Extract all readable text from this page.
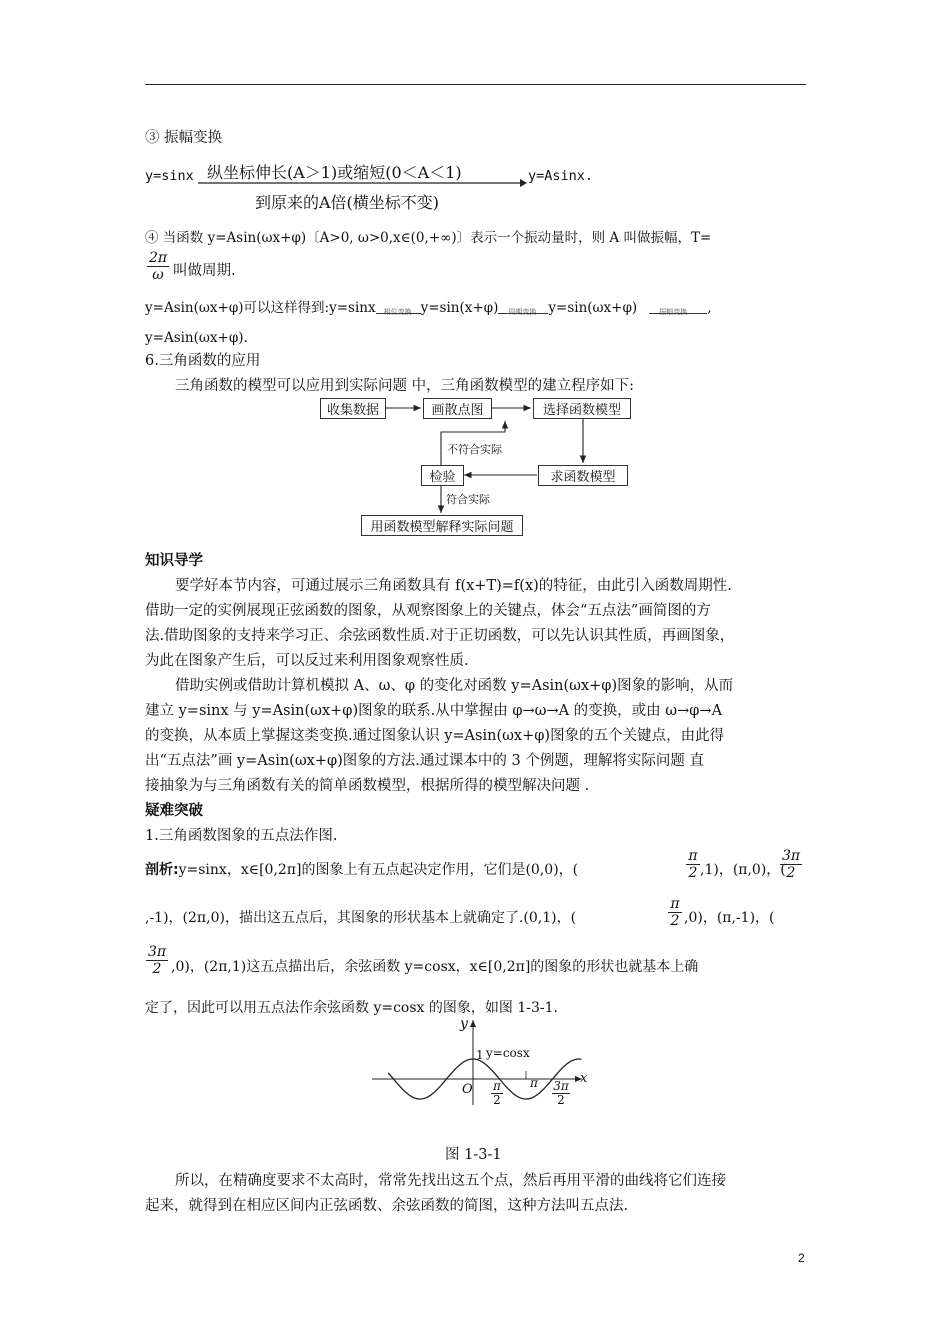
③ 振幅变换
y=sinx 纵坐标伸长(A＞1)或缩短(0＜A＜1)
到原来的A倍(横坐标不变)
y=Asinx.
④ 当函数 y=Asin(ωx+φ)〔A>0, ω>0,x∈(0,+∞)〕表示一个振动量时，则 A 叫做振幅，T=
2π
ω 叫做周期.
y=Asin(ωx+φ)可以这样得到:y=sinx 相位变换 y=sin(x+φ) 周期变换 y=sin(ωx+φ)	振幅变换 ,
y=Asin(ωx+φ).
6.三角函数的应用
三角函数的模型可以应用到实际问题 中，三角函数模型的建立程序如下:
收集数据	画散点图	选择函数模型
求函数模型
检验
用函数模型解释实际问题
不符合实际
符合实际
知识导学
要学好本节内容，可通过展示三角函数具有 f(x+T)=f(x)的特征，由此引入函数周期性.
借助一定的实例展现正弦函数的图象，从观察图象上的关键点，体会“五点法”画简图的方
法.借助图象的支持来学习正、余弦函数性质.对于正切函数，可以先认识其性质，再画图象，
为此在图象产生后，可以反过来利用图象观察性质.
借助实例或借助计算机模拟 A、ω、φ 的变化对函数 y=Asin(ωx+φ)图象的影响，从而
建立 y=sinx 与 y=Asin(ωx+φ)图象的联系.从中掌握由 φ→ω→A 的变换，或由 ω→φ→A
的变换，从本质上掌握这类变换.通过图象认识 y=Asin(ωx+φ)图象的五个关键点，由此得
出“五点法”画 y=Asin(ωx+φ)图象的方法.通过课本中的 3 个例题，理解将实际问题 直
接抽象为与三角函数有关的简单函数模型，根据所得的模型解决问题 .
疑难突破
1.三角函数图象的五点法作图.
剖析:y=sinx，x∈[0,2π]的图象上有五点起决定作用，它们是(0,0)，(
π
2 ,1)，(π,0)，(
3π
2
,-1)，(2π,0)，描出这五点后，其图象的形状基本上就确定了.(0,1)，(
π
2 ,0)，(π,-1)，(
3π
2 ,0)，(2π,1)这五点描出后，余弦函数 y=cosx，x∈[0,2π]的图象的形状也就基本上确
定了，因此可以用五点法作余弦函数 y=cosx 的图象，如图 1-3-1.
y
x
O
1 y=cosx
π
2
π 3π
2
图 1-3-1
所以，在精确度要求不太高时，常常先找出这五个点，然后再用平滑的曲线将它们连接
起来，就得到在相应区间内正弦函数、余弦函数的简图，这种方法叫五点法.
2
